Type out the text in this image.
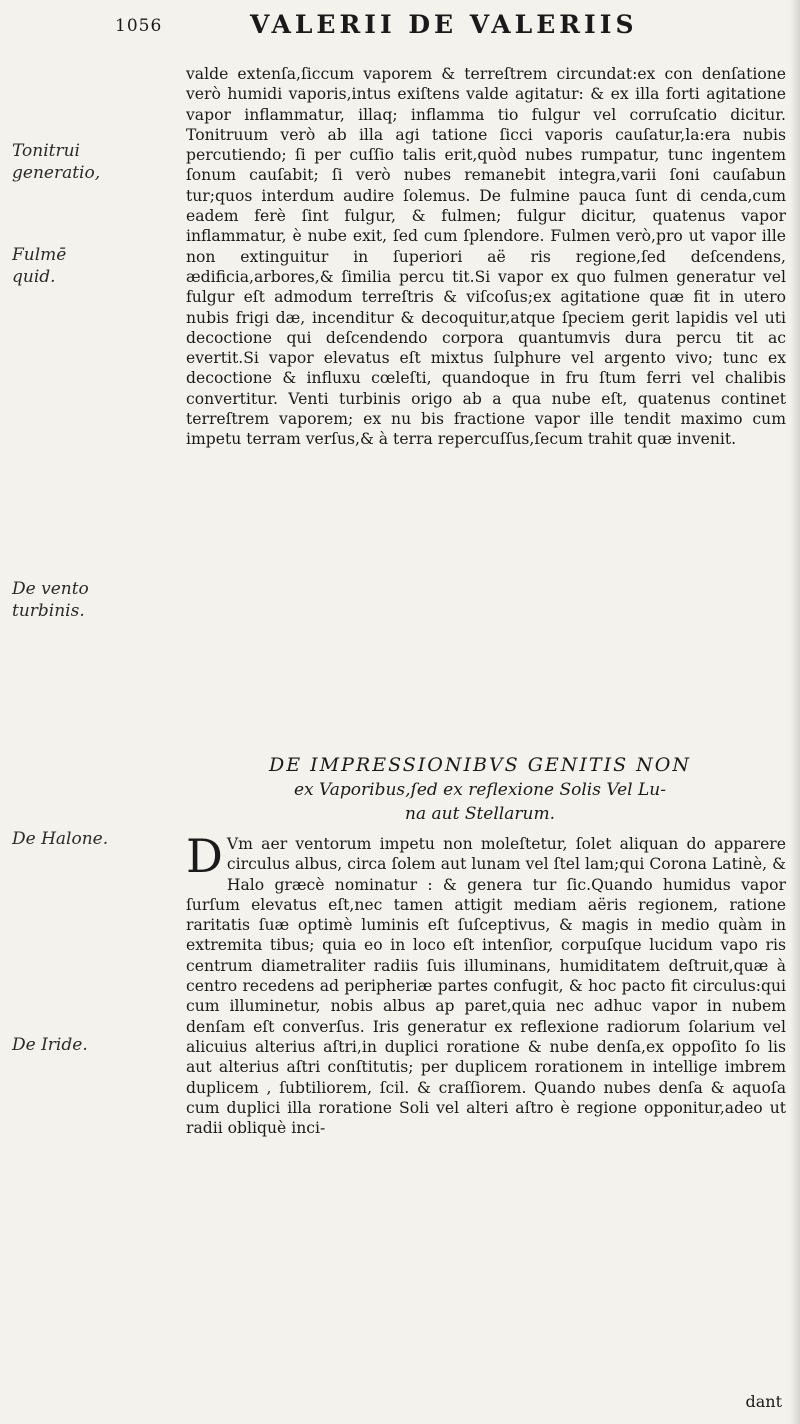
1056	VALERII DE VALERIIS
Tonitrui generatio,
Fulmē quid.
De vento turbinis.
De Halone.
De Iride.

valde extenſa,ſiccum vaporem & terreſtrem circundat:ex con denſatione verò humidi vaporis,intus exiſtens valde agitatur: & ex illa forti agitatione vapor inflammatur, illaq; inflamma tio fulgur vel corruſcatio dicitur. Tonitruum verò ab illa agi tatione ſicci vaporis cauſatur,la:era nubis percutiendo; ſi per cuſſio talis erit,quòd nubes rumpatur, tunc ingentem ſonum cauſabit; ſi verò nubes remanebit integra,varii ſoni cauſabun tur;quos interdum audire ſolemus. De fulmine pauca ſunt di cenda,cum eadem ferè ſint fulgur, & fulmen; fulgur dicitur, quatenus vapor inflammatur, è nube exit, ſed cum ſplendore. Fulmen verò,pro ut vapor ille non extinguitur in ſuperiori aë ris regione,ſed deſcendens, ædificia,arbores,& ſimilia percu tit.Si vapor ex quo fulmen generatur vel fulgur eſt admodum terreſtris & viſcoſus;ex agitatione quæ fit in utero nubis frigi dæ, incenditur & decoquitur,atque ſpeciem gerit lapidis vel uti decoctione qui deſcendendo corpora quantumvis dura percu tit ac evertit.Si vapor elevatus eſt mixtus ſulphure vel argento vivo; tunc ex decoctione & influxu cœleſti, quandoque in fru ſtum ferri vel chalibis convertitur. Venti turbinis origo ab a qua nube eſt, quatenus continet terreſtrem vaporem; ex nu bis fractione vapor ille tendit maximo cum impetu terram verſus,& à terra repercuſſus,ſecum trahit quæ invenit.

DE IMPRESSIONIBVS GENITIS NON
ex Vaporibus,ſed ex reflexione Solis Vel Lu-
na aut Stellarum.

D Vm aer ventorum impetu non moleſtetur, ſolet aliquan do apparere circulus albus, circa ſolem aut lunam vel ſtel lam;qui Corona Latinè, & Halo græcè nominatur : & genera tur ſic.Quando humidus vapor ſurſum elevatus eſt,nec tamen attigit mediam aëris regionem, ratione raritatis ſuæ optimè luminis eſt ſuſceptivus, & magis in medio quàm in extremita tibus; quia eo in loco eſt intenſior, corpuſque lucidum vapo ris centrum diametraliter radiis ſuis illuminans, humiditatem deſtruit,quæ à centro recedens ad peripheriæ partes confugit, & hoc pacto fit circulus:qui cum illuminetur, nobis albus ap paret,quia nec adhuc vapor in nubem denſam eſt converſus. Iris generatur ex reflexione radiorum ſolarium vel alicuius alterius aſtri,in duplici roratione & nube denſa,ex oppoſito ſo lis aut alterius aſtri conſtitutis; per duplicem rorationem in intellige imbrem duplicem , ſubtiliorem, ſcil. & craſſiorem. Quando nubes denſa & aquoſa cum duplici illa roratione Soli vel alteri aſtro è regione opponitur,adeo ut radii obliquè inci-

dant
